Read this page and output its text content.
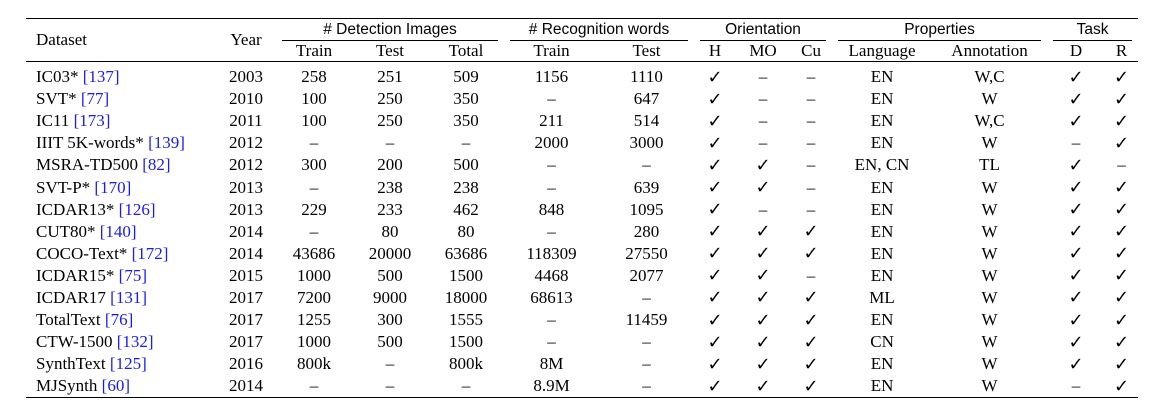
Dataset	Year	# Detection Images			# Recognition words		Orientation			Properties		Task	
		Train	Test	Total	Train	Test	H	MO	Cu	Language	Annotation	D	R

IC03* [137]	2003	258	251	509	1156	1110	✓	–	–	EN	W,C	✓	✓
SVT* [77]	2010	100	250	350	–	647	✓	–	–	EN	W	✓	✓
IC11 [173]	2011	100	250	350	211	514	✓	–	–	EN	W,C	✓	✓
IIIT 5K-words* [139]	2012	–	–	–	2000	3000	✓	–	–	EN	W	–	✓
MSRA-TD500 [82]	2012	300	200	500	–	–	✓	✓	–	EN, CN	TL	✓	–
SVT-P* [170]	2013	–	238	238	–	639	✓	✓	–	EN	W	✓	✓
ICDAR13* [126]	2013	229	233	462	848	1095	✓	–	–	EN	W	✓	✓
CUT80* [140]	2014	–	80	80	–	280	✓	✓	✓	EN	W	✓	✓
COCO-Text* [172]	2014	43686	20000	63686	118309	27550	✓	✓	✓	EN	W	✓	✓
ICDAR15* [75]	2015	1000	500	1500	4468	2077	✓	✓	–	EN	W	✓	✓
ICDAR17 [131]	2017	7200	9000	18000	68613	–	✓	✓	✓	ML	W	✓	✓
TotalText [76]	2017	1255	300	1555	–	11459	✓	✓	✓	EN	W	✓	✓
CTW-1500 [132]	2017	1000	500	1500	–	–	✓	✓	✓	CN	W	✓	✓
SynthText [125]	2016	800k	–	800k	8M	–	✓	✓	✓	EN	W	✓	✓
MJSynth [60]	2014	–	–	–	8.9M	–	✓	✓	✓	EN	W	–	✓
